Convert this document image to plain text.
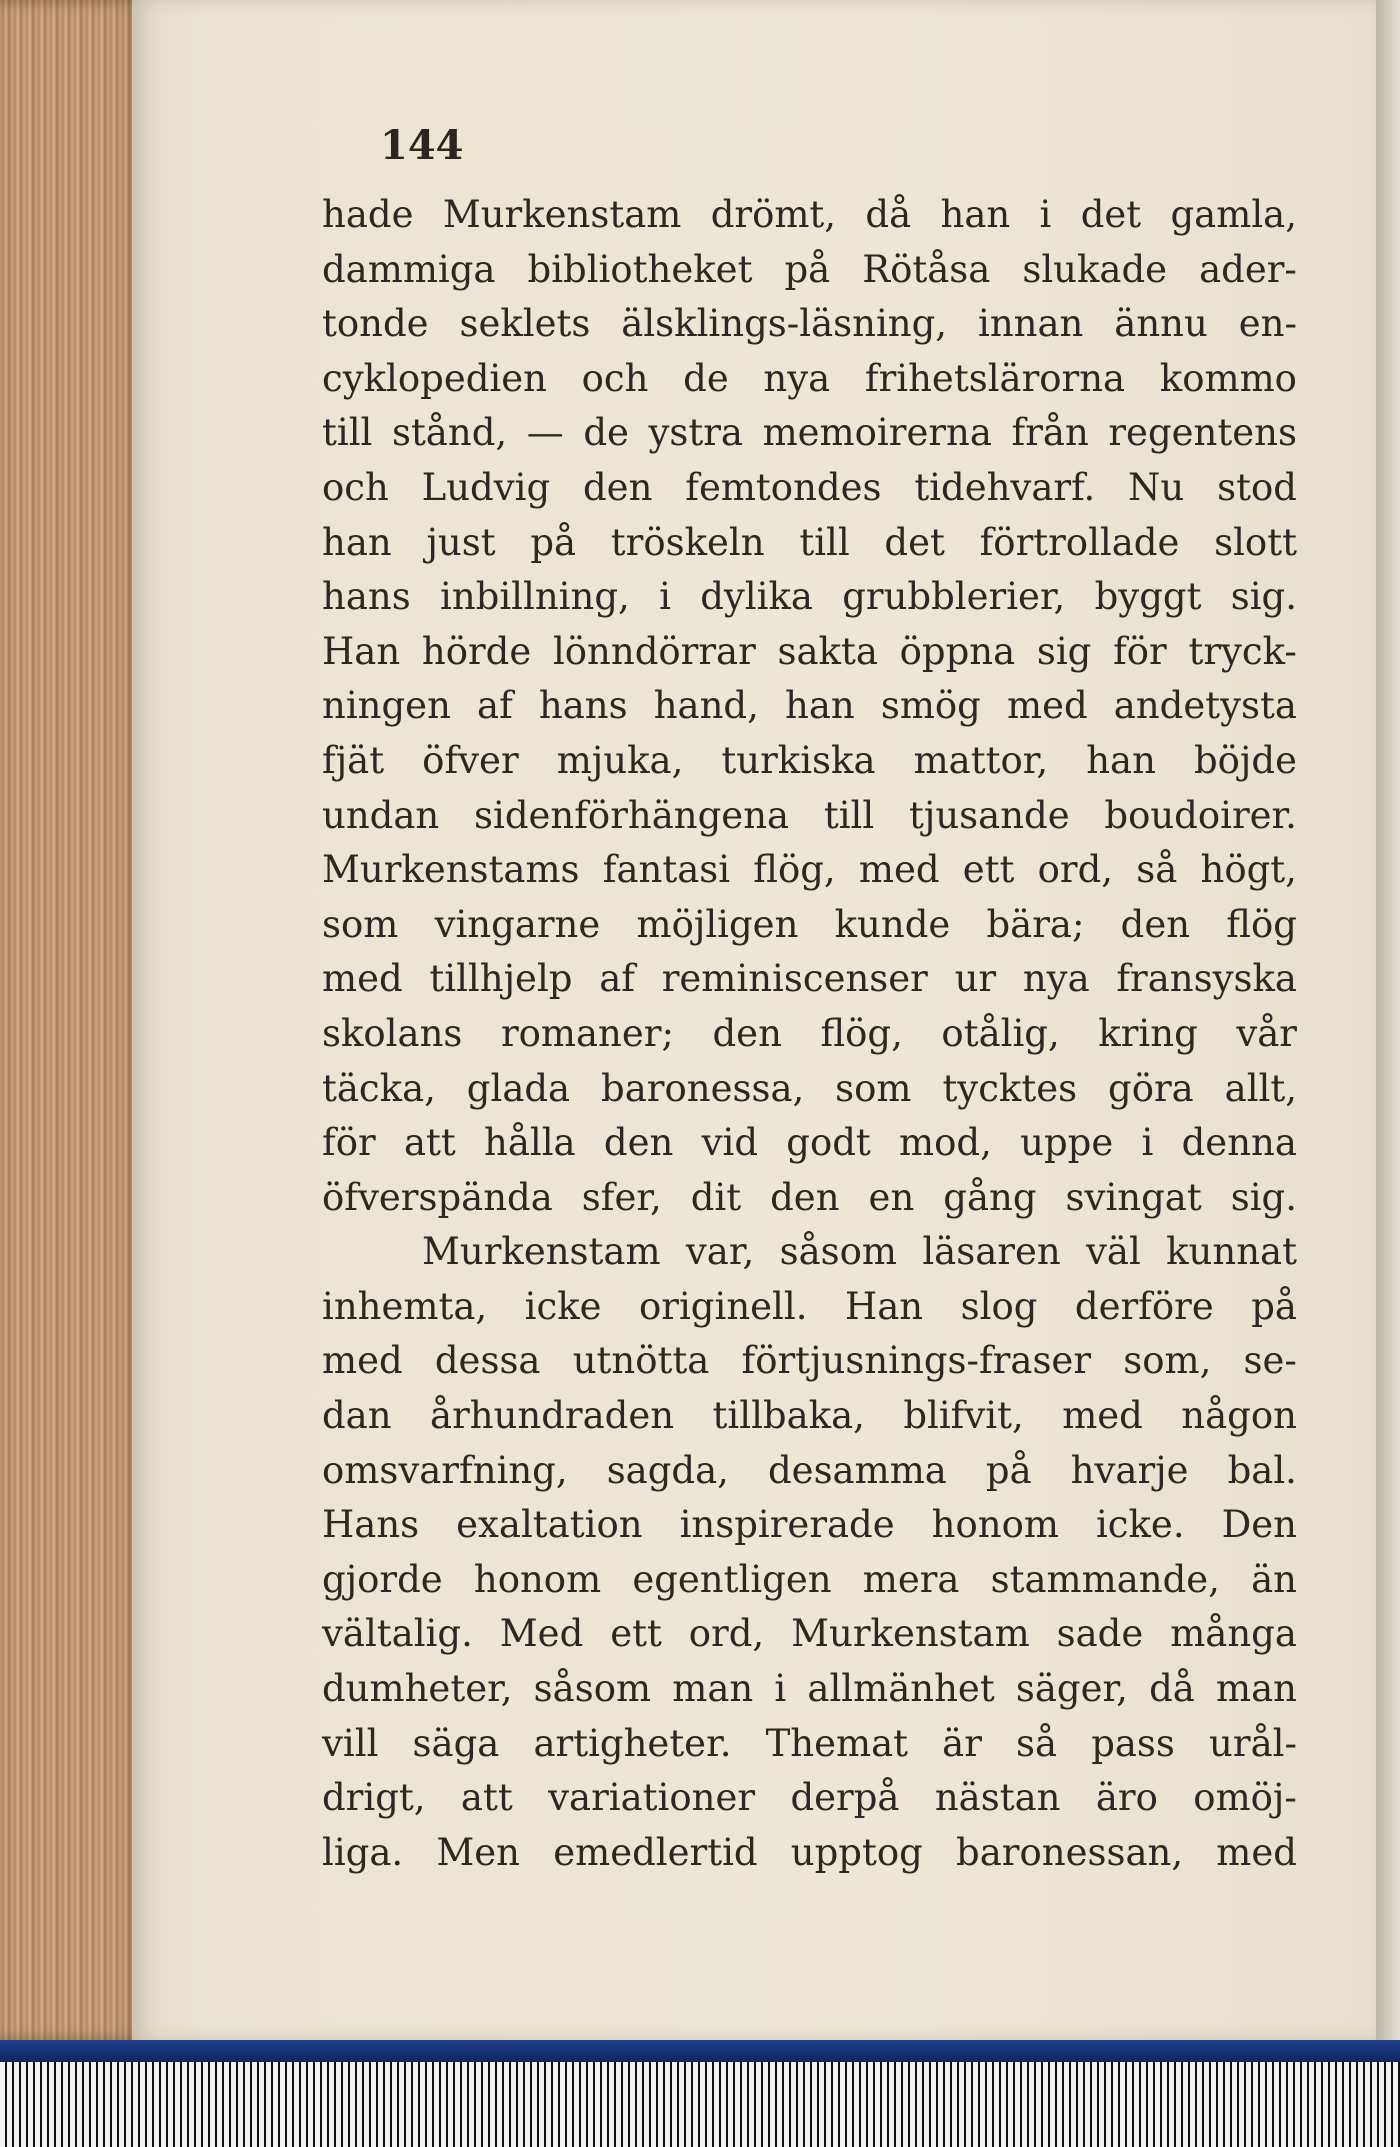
144

hade Murkenstam drömt, då han i det gamla,
dammiga bibliotheket på Rötåsa slukade ader-
tonde seklets älsklings-läsning, innan ännu en-
cyklopedien och de nya frihetslärorna kommo
till stånd, — de ystra memoirerna från regentens
och Ludvig den femtondes tidehvarf. Nu stod
han just på tröskeln till det förtrollade slott
hans inbillning, i dylika grubblerier, byggt sig.
Han hörde lönndörrar sakta öppna sig för tryck-
ningen af hans hand, han smög med andetysta
fjät öfver mjuka, turkiska mattor, han böjde
undan sidenförhängena till tjusande boudoirer.
Murkenstams fantasi flög, med ett ord, så högt,
som vingarne möjligen kunde bära; den flög
med tillhjelp af reminiscenser ur nya fransyska
skolans romaner; den flög, otålig, kring vår
täcka, glada baronessa, som tycktes göra allt,
för att hålla den vid godt mod, uppe i denna
öfverspända sfer, dit den en gång svingat sig.
Murkenstam var, såsom läsaren väl kunnat
inhemta, icke originell. Han slog derföre på
med dessa utnötta förtjusnings-fraser som, se-
dan århundraden tillbaka, blifvit, med någon
omsvarfning, sagda, desamma på hvarje bal.
Hans exaltation inspirerade honom icke. Den
gjorde honom egentligen mera stammande, än
vältalig. Med ett ord, Murkenstam sade många
dumheter, såsom man i allmänhet säger, då man
vill säga artigheter. Themat är så pass urål-
drigt, att variationer derpå nästan äro omöj-
liga. Men emedlertid upptog baronessan, med
